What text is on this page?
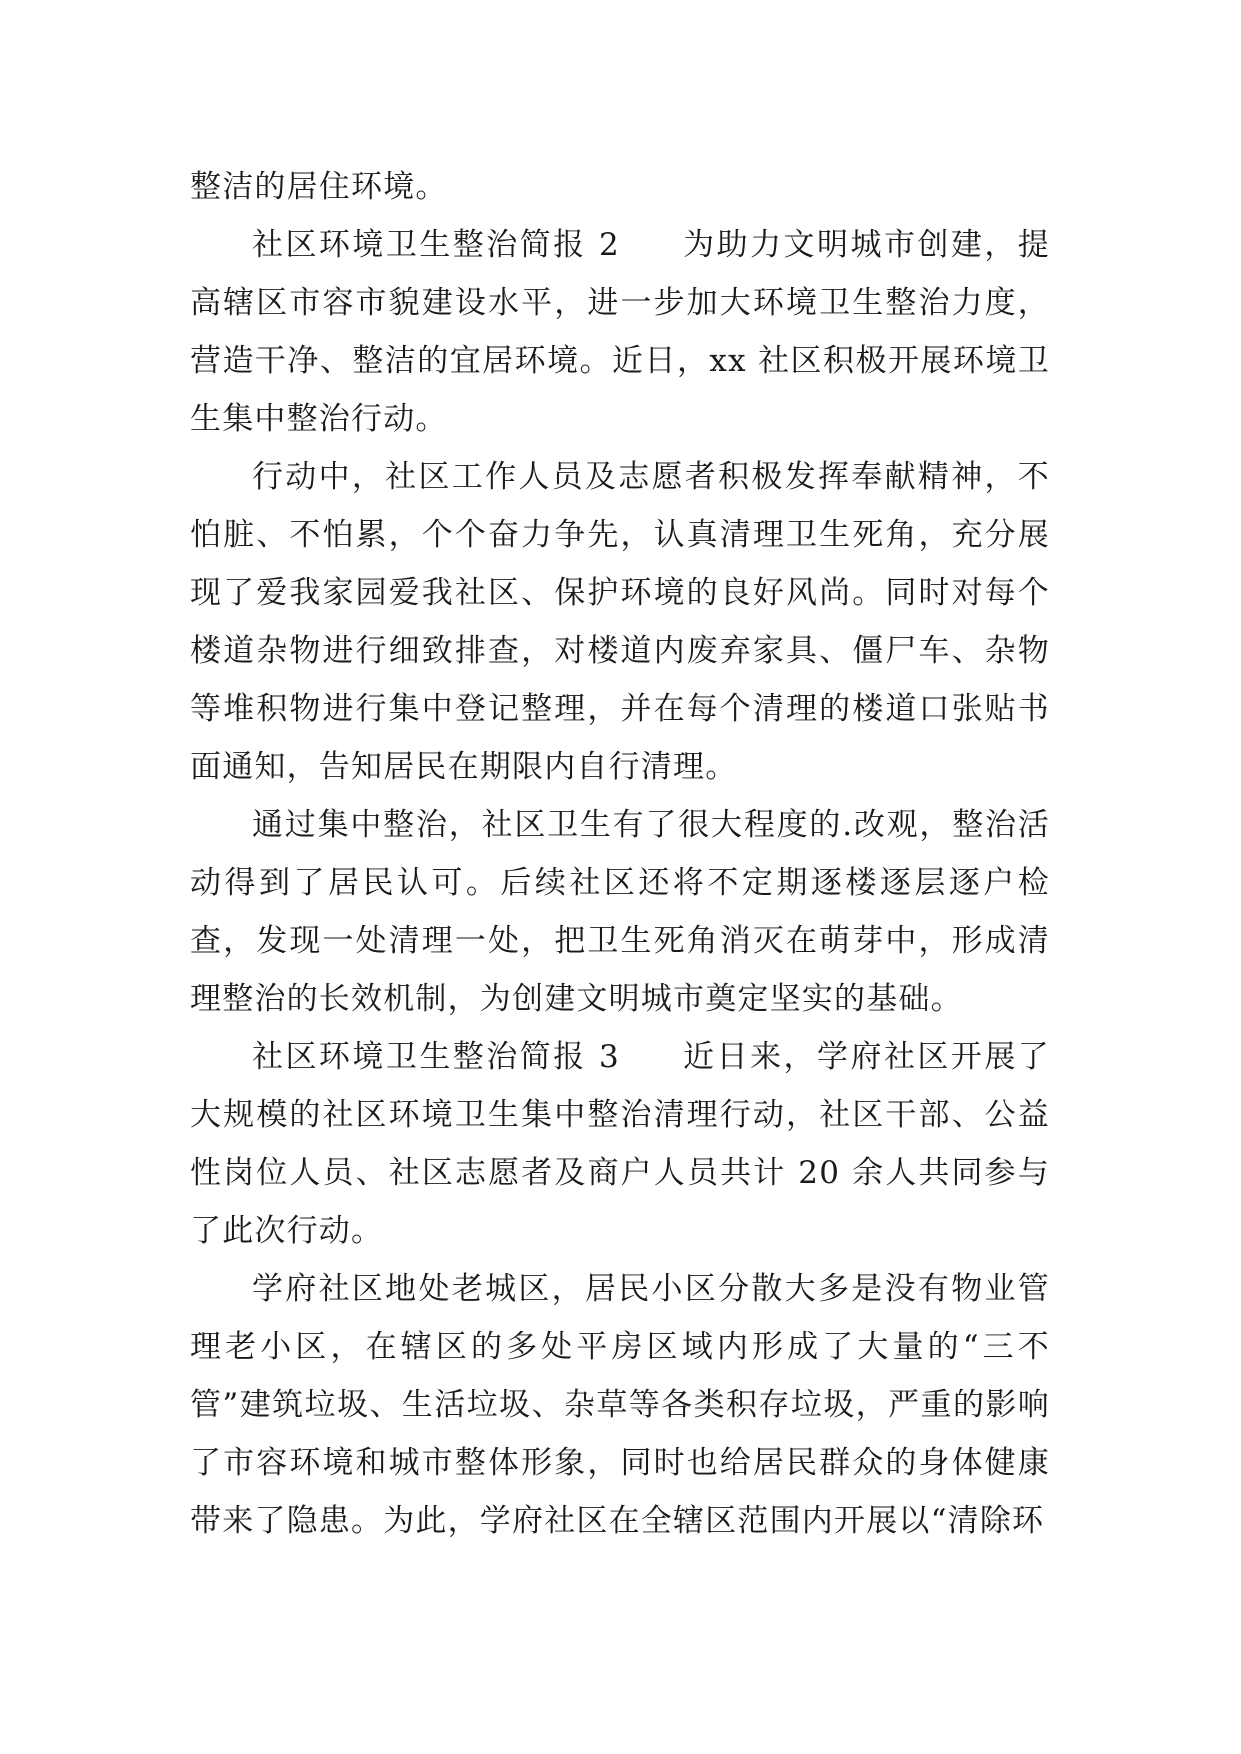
整洁的居住环境。

社区环境卫生整治简报 2 为助力文明城市创建，提高辖区市容市貌建设水平，进一步加大环境卫生整治力度，营造干净、整洁的宜居环境。近日，xx 社区积极开展环境卫生集中整治行动。

行动中，社区工作人员及志愿者积极发挥奉献精神，不怕脏、不怕累，个个奋力争先，认真清理卫生死角，充分展现了爱我家园爱我社区、保护环境的良好风尚。同时对每个楼道杂物进行细致排查，对楼道内废弃家具、僵尸车、杂物等堆积物进行集中登记整理，并在每个清理的楼道口张贴书面通知，告知居民在期限内自行清理。

通过集中整治，社区卫生有了很大程度的.改观，整治活动得到了居民认可。后续社区还将不定期逐楼逐层逐户检查，发现一处清理一处，把卫生死角消灭在萌芽中，形成清理整治的长效机制，为创建文明城市奠定坚实的基础。

社区环境卫生整治简报 3 近日来，学府社区开展了大规模的社区环境卫生集中整治清理行动，社区干部、公益性岗位人员、社区志愿者及商户人员共计 20 余人共同参与了此次行动。

学府社区地处老城区，居民小区分散大多是没有物业管理老小区，在辖区的多处平房区域内形成了大量的“三不管”建筑垃圾、生活垃圾、杂草等各类积存垃圾，严重的影响了市容环境和城市整体形象，同时也给居民群众的身体健康带来了隐患。为此，学府社区在全辖区范围内开展以“清除环
